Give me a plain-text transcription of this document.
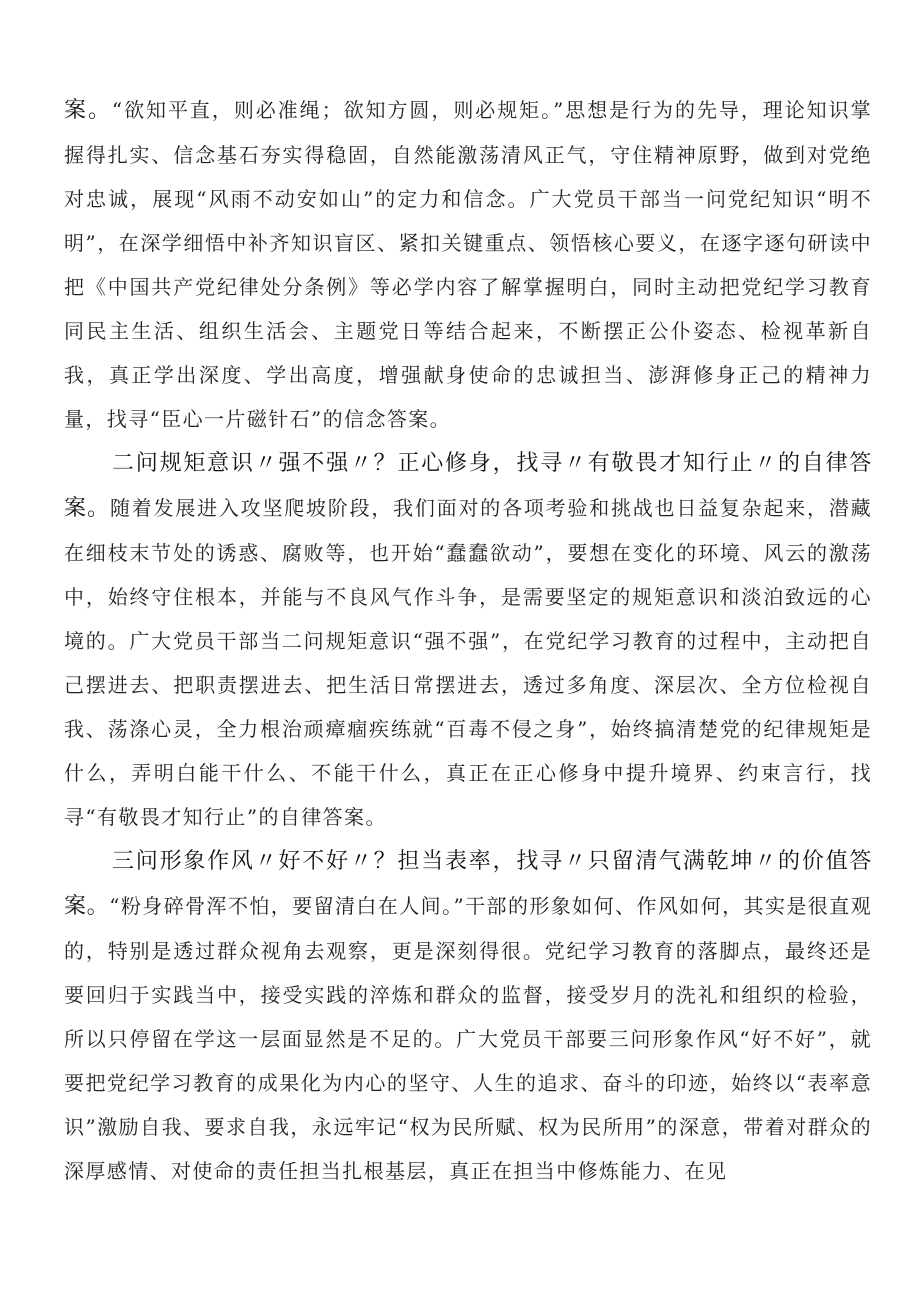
案。“欲知平直，则必准绳；欲知方圆，则必规矩。”思想是行为的先导，理论知识掌握得扎实、信念基石夯实得稳固，自然能激荡清风正气，守住精神原野，做到对党绝对忠诚，展现“风雨不动安如山”的定力和信念。广大党员干部当一问党纪知识“明不明”，在深学细悟中补齐知识盲区、紧扣关键重点、领悟核心要义，在逐字逐句研读中把《中国共产党纪律处分条例》等必学内容了解掌握明白，同时主动把党纪学习教育同民主生活、组织生活会、主题党日等结合起来，不断摆正公仆姿态、检视革新自我，真正学出深度、学出高度，增强献身使命的忠诚担当、澎湃修身正己的精神力量，找寻“臣心一片磁针石”的信念答案。

二问规矩意识〃强不强〃？正心修身，找寻〃有敬畏才知行止〃的自律答案。随着发展进入攻坚爬坡阶段，我们面对的各项考验和挑战也日益复杂起来，潜藏在细枝末节处的诱惑、腐败等，也开始“蠢蠢欲动”，要想在变化的环境、风云的激荡中，始终守住根本，并能与不良风气作斗争，是需要坚定的规矩意识和淡泊致远的心境的。广大党员干部当二问规矩意识“强不强”，在党纪学习教育的过程中，主动把自己摆进去、把职责摆进去、把生活日常摆进去，透过多角度、深层次、全方位检视自我、荡涤心灵，全力根治顽瘴痼疾练就“百毒不侵之身”，始终搞清楚党的纪律规矩是什么，弄明白能干什么、不能干什么，真正在正心修身中提升境界、约束言行，找寻“有敬畏才知行止”的自律答案。

三问形象作风〃好不好〃？担当表率，找寻〃只留清气满乾坤〃的价值答案。“粉身碎骨浑不怕，要留清白在人间。”干部的形象如何、作风如何，其实是很直观的，特别是透过群众视角去观察，更是深刻得很。党纪学习教育的落脚点，最终还是要回归于实践当中，接受实践的淬炼和群众的监督，接受岁月的洗礼和组织的检验，所以只停留在学这一层面显然是不足的。广大党员干部要三问形象作风“好不好”，就要把党纪学习教育的成果化为内心的坚守、人生的追求、奋斗的印迹，始终以“表率意识”激励自我、要求自我，永远牢记“权为民所赋、权为民所用”的深意，带着对群众的深厚感情、对使命的责任担当扎根基层，真正在担当中修炼能力、在见
